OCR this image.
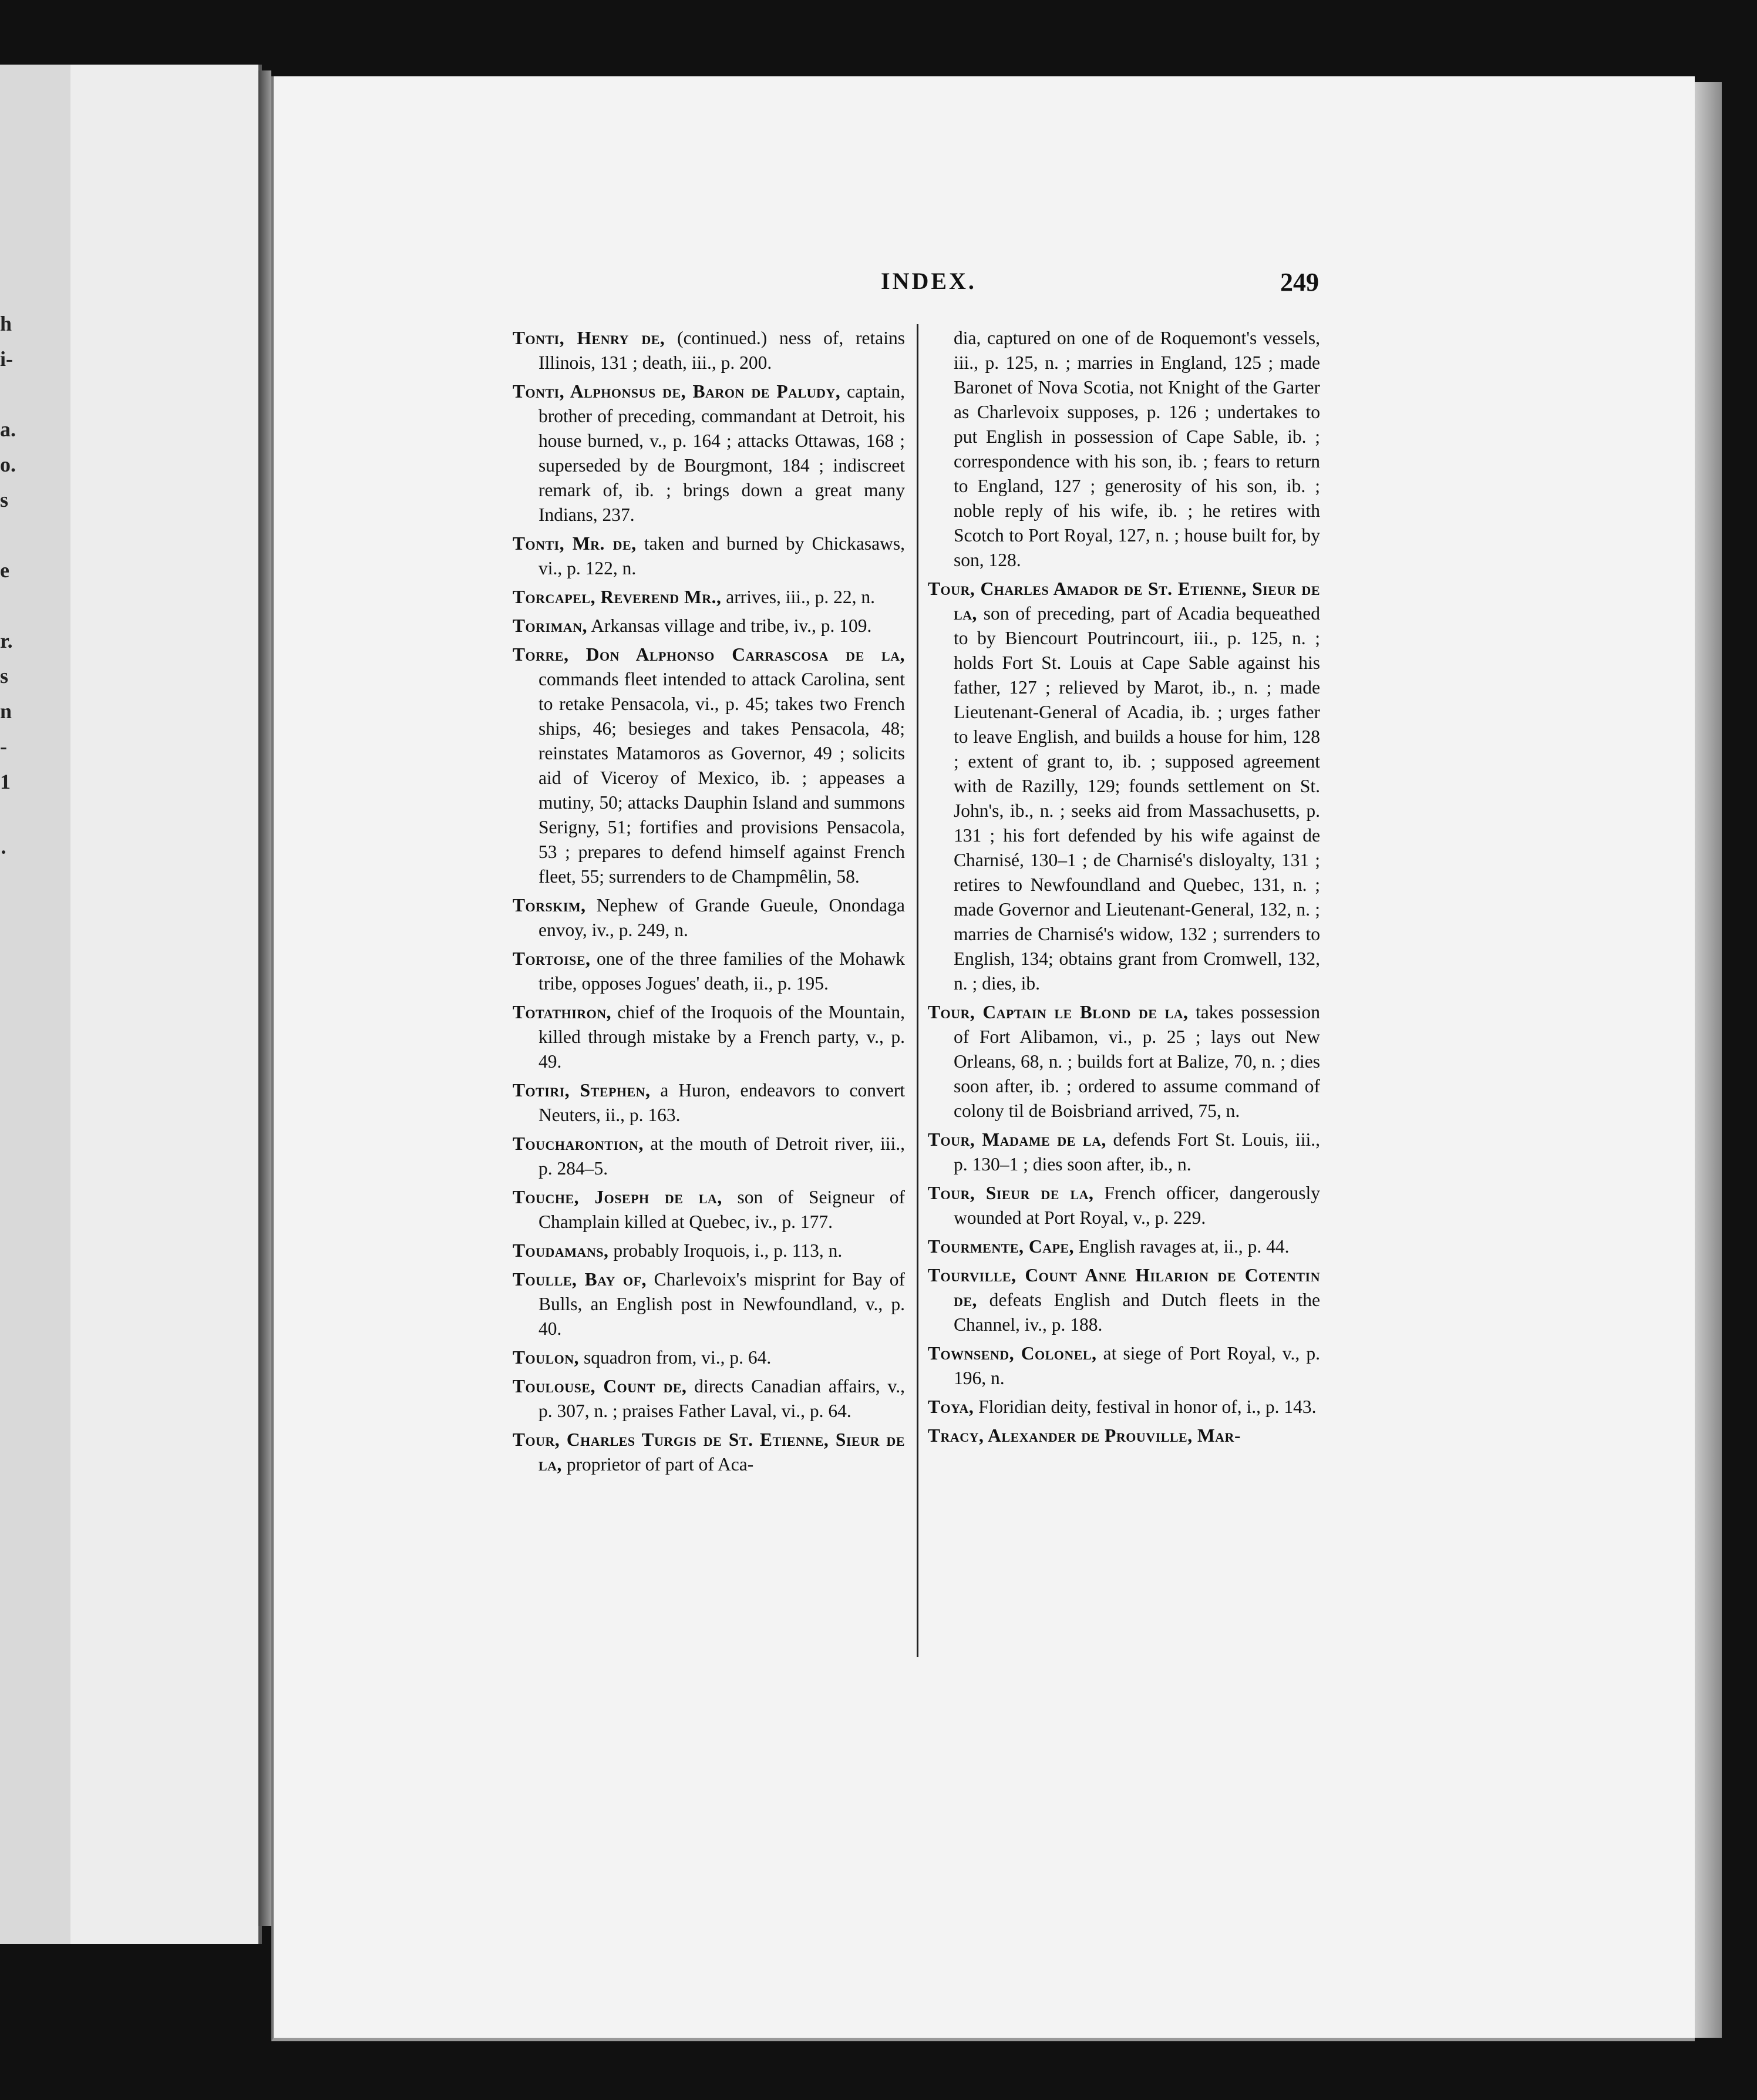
h
i-
a.
o.
s
e
r.
s
n
-
1
·
INDEX.	249
Tonti, Henry de, (continued.) ness of, retains Illinois, 131 ; death, iii., p. 200.
Tonti, Alphonsus de, Baron de Paludy, captain, brother of preceding, commandant at Detroit, his house burned, v., p. 164 ; attacks Ottawas, 168 ; superseded by de Bourgmont, 184 ; indiscreet remark of, ib. ; brings down a great many Indians, 237.
Tonti, Mr. de, taken and burned by Chickasaws, vi., p. 122, n.
Torcapel, Reverend Mr., arrives, iii., p. 22, n.
Toriman, Arkansas village and tribe, iv., p. 109.
Torre, Don Alphonso Carrascosa de la, commands fleet intended to attack Carolina, sent to retake Pensacola, vi., p. 45; takes two French ships, 46; besieges and takes Pensacola, 48; reinstates Matamoros as Governor, 49 ; solicits aid of Viceroy of Mexico, ib. ; appeases a mutiny, 50; attacks Dauphin Island and summons Serigny, 51; fortifies and provisions Pensacola, 53 ; prepares to defend himself against French fleet, 55; surrenders to de Champmêlin, 58.
Torskim, Nephew of Grande Gueule, Onondaga envoy, iv., p. 249, n.
Tortoise, one of the three families of the Mohawk tribe, opposes Jogues' death, ii., p. 195.
Totathiron, chief of the Iroquois of the Mountain, killed through mistake by a French party, v., p. 49.
Totiri, Stephen, a Huron, endeavors to convert Neuters, ii., p. 163.
Toucharontion, at the mouth of Detroit river, iii., p. 284–5.
Touche, Joseph de la, son of Seigneur of Champlain killed at Quebec, iv., p. 177.
Toudamans, probably Iroquois, i., p. 113, n.
Toulle, Bay of, Charlevoix's misprint for Bay of Bulls, an English post in Newfoundland, v., p. 40.
Toulon, squadron from, vi., p. 64.
Toulouse, Count de, directs Canadian affairs, v., p. 307, n. ; praises Father Laval, vi., p. 64.
Tour, Charles Turgis de St. Etienne, Sieur de la, proprietor of part of Aca-
dia, captured on one of de Roquemont's vessels, iii., p. 125, n. ; marries in England, 125 ; made Baronet of Nova Scotia, not Knight of the Garter as Charlevoix supposes, p. 126 ; undertakes to put English in possession of Cape Sable, ib. ; correspondence with his son, ib. ; fears to return to England, 127 ; generosity of his son, ib. ; noble reply of his wife, ib. ; he retires with Scotch to Port Royal, 127, n. ; house built for, by son, 128.
Tour, Charles Amador de St. Etienne, Sieur de la, son of preceding, part of Acadia bequeathed to by Biencourt Poutrincourt, iii., p. 125, n. ; holds Fort St. Louis at Cape Sable against his father, 127 ; relieved by Marot, ib., n. ; made Lieutenant-General of Acadia, ib. ; urges father to leave English, and builds a house for him, 128 ; extent of grant to, ib. ; supposed agreement with de Razilly, 129; founds settlement on St. John's, ib., n. ; seeks aid from Massachusetts, p. 131 ; his fort defended by his wife against de Charnisé, 130–1 ; de Charnisé's disloyalty, 131 ; retires to Newfoundland and Quebec, 131, n. ; made Governor and Lieutenant-General, 132, n. ; marries de Charnisé's widow, 132 ; surrenders to English, 134; obtains grant from Cromwell, 132, n. ; dies, ib.
Tour, Captain le Blond de la, takes possession of Fort Alibamon, vi., p. 25 ; lays out New Orleans, 68, n. ; builds fort at Balize, 70, n. ; dies soon after, ib. ; ordered to assume command of colony til de Boisbriand arrived, 75, n.
Tour, Madame de la, defends Fort St. Louis, iii., p. 130–1 ; dies soon after, ib., n.
Tour, Sieur de la, French officer, dangerously wounded at Port Royal, v., p. 229.
Tourmente, Cape, English ravages at, ii., p. 44.
Tourville, Count Anne Hilarion de Cotentin de, defeats English and Dutch fleets in the Channel, iv., p. 188.
Townsend, Colonel, at siege of Port Royal, v., p. 196, n.
Toya, Floridian deity, festival in honor of, i., p. 143.
Tracy, Alexander de Prouville, Mar-
